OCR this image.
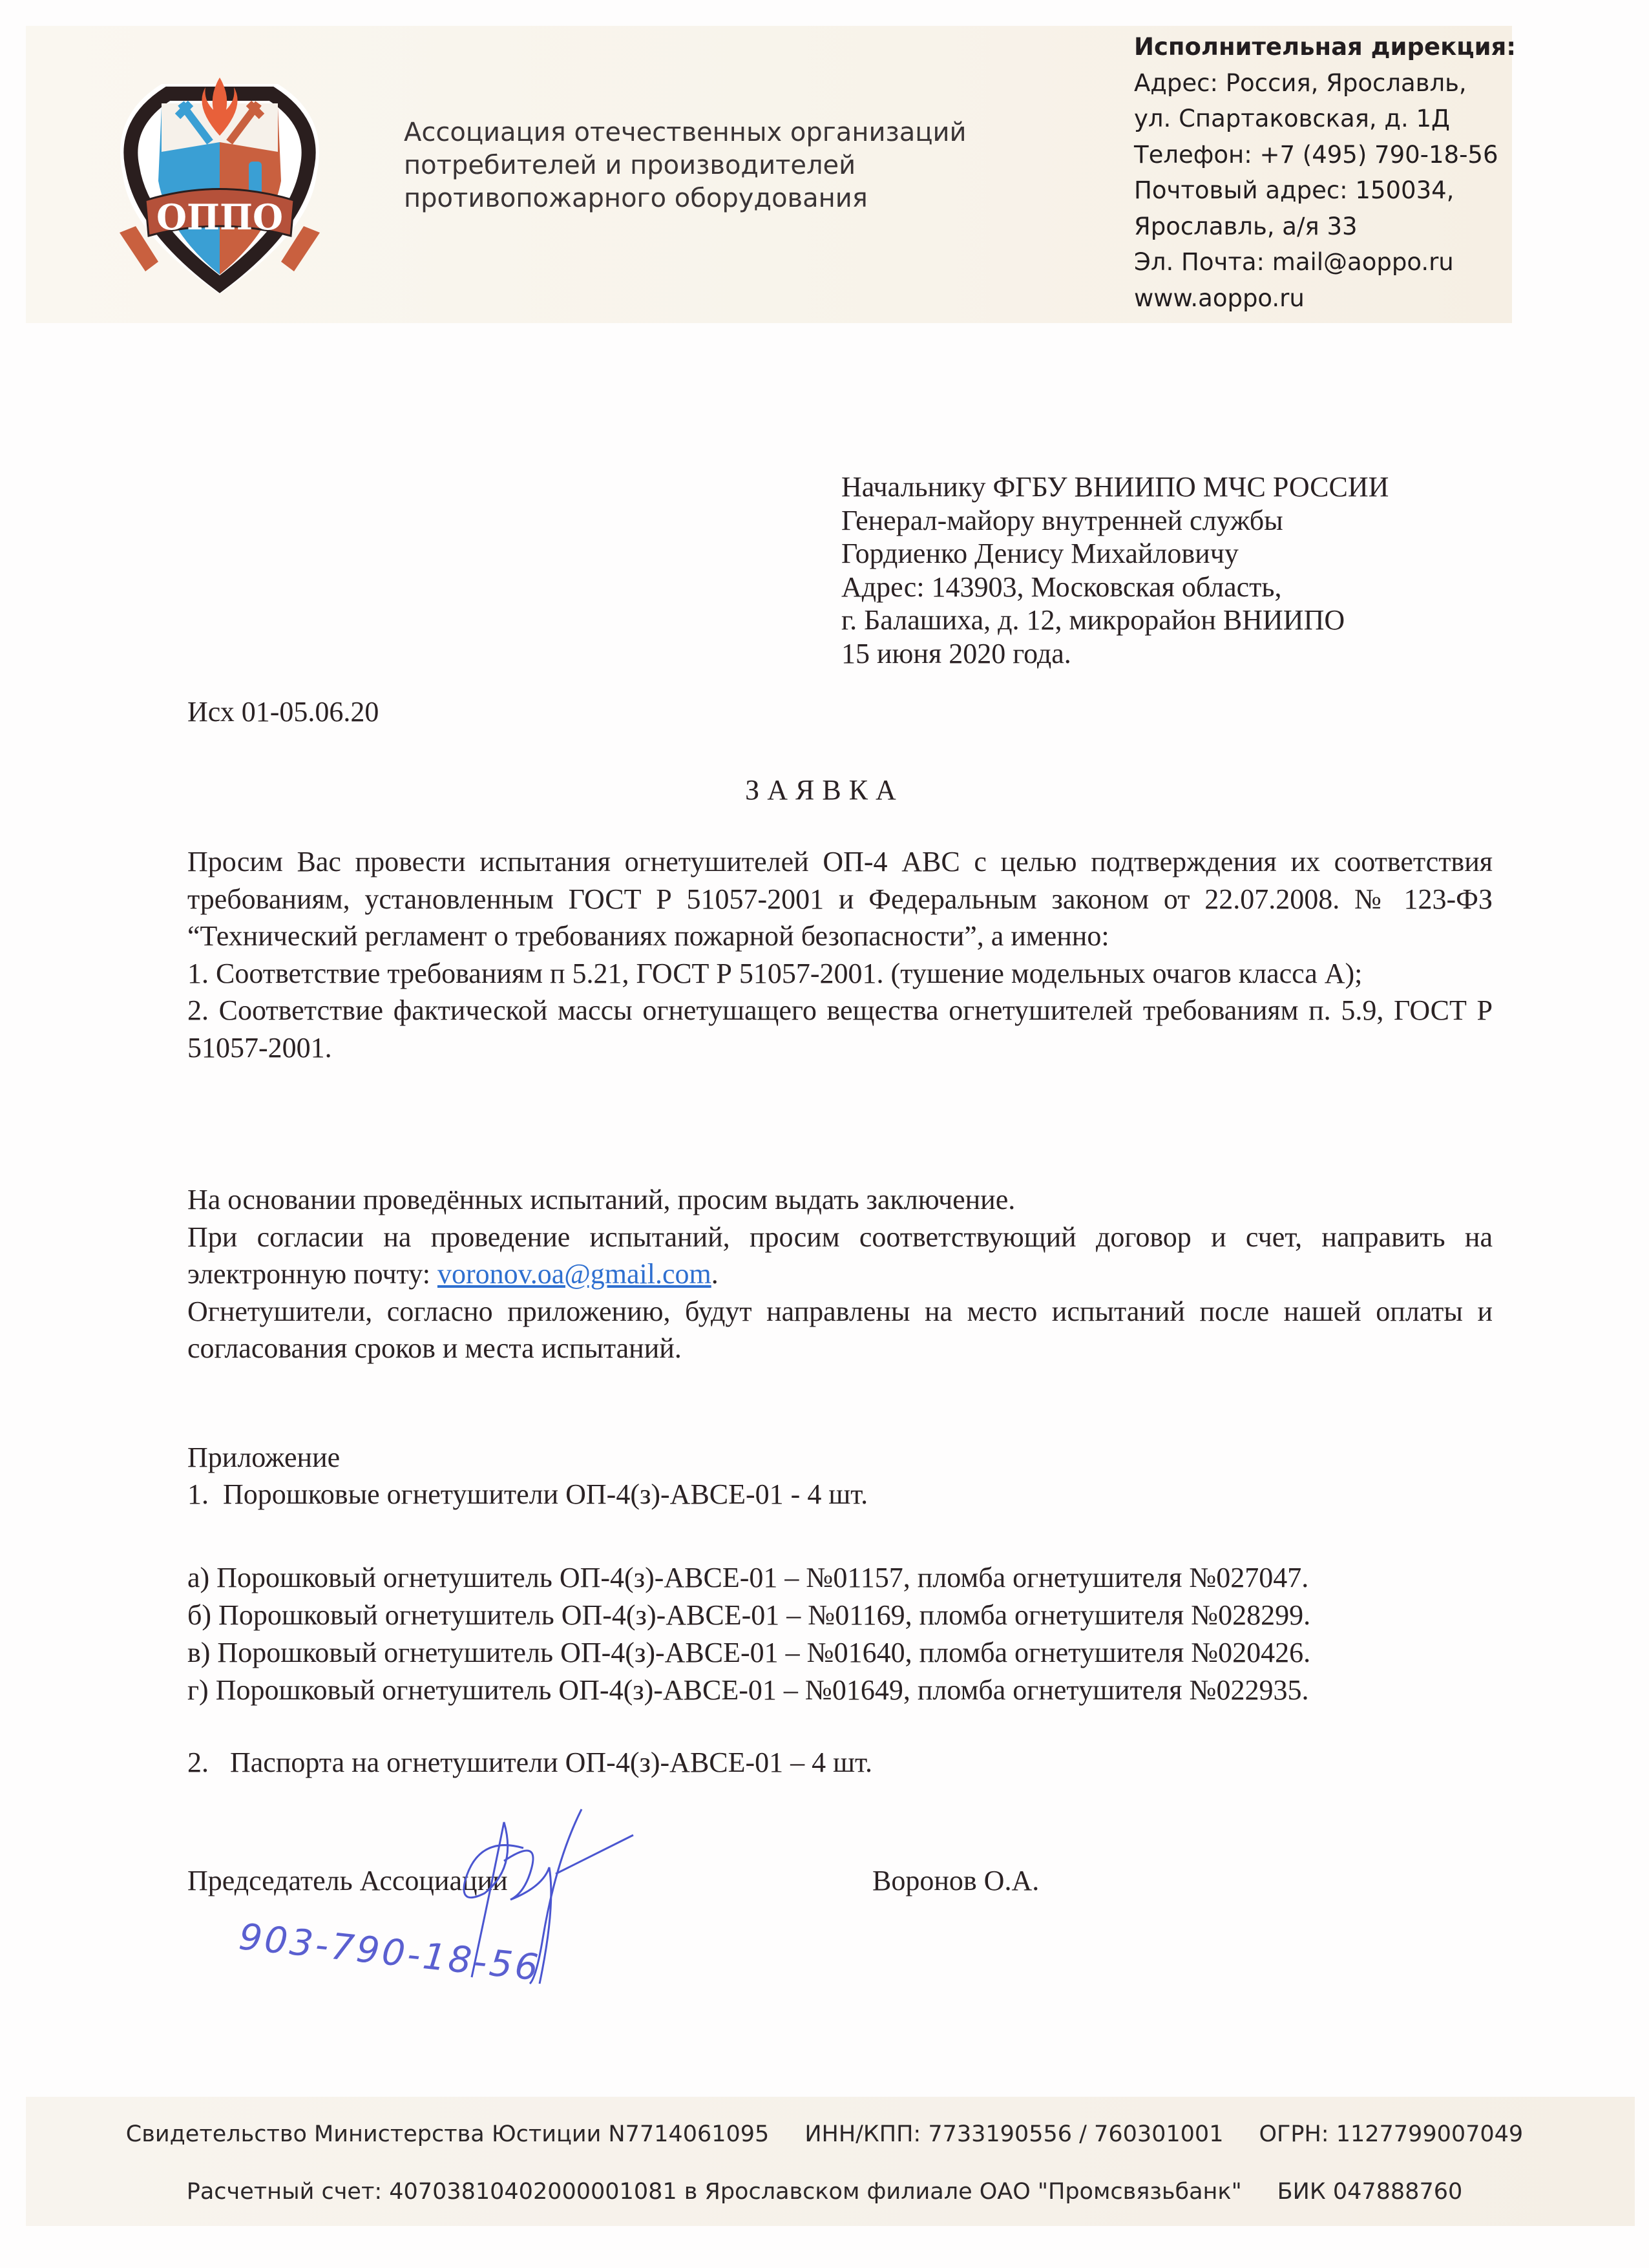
ОППО
Ассоциация отечественных организаций
потребителей и производителей
противопожарного оборудования
Исполнительная дирекция:
Адрес: Россия, Ярославль,
ул. Спартаковская, д. 1Д
Телефон: +7 (495) 790-18-56
Почтовый адрес: 150034,
Ярославль, а/я 33
Эл. Почта: mail@aoppo.ru
www.aoppo.ru
Начальнику ФГБУ ВНИИПО МЧС РОССИИ
Генерал-майору внутренней службы
Гордиенко Денису Михайловичу
Адрес: 143903, Московская область,
г. Балашиха, д. 12, микрорайон ВНИИПО
15 июня 2020 года.
Исх 01-05.06.20
ЗАЯВКА

Просим Вас провести испытания огнетушителей ОП-4 АВС с целью подтверждения их соответствия требованиям, установленным ГОСТ Р 51057-2001 и Федеральным законом от 22.07.2008. № 123-ФЗ “Технический регламент о требованиях пожарной безопасности”, а именно:

1. Соответствие требованиям п 5.21, ГОСТ Р 51057-2001. (тушение модельных очагов класса А);

2. Соответствие фактической массы огнетушащего вещества огнетушителей требованиям п. 5.9, ГОСТ Р 51057-2001.

На основании проведённых испытаний, просим выдать заключение.

При согласии на проведение испытаний, просим соответствующий договор и счет, направить на электронную почту: voronov.oa@gmail.com.

Огнетушители, согласно приложению, будут направлены на место испытаний после нашей оплаты и согласования сроков и места испытаний.

Приложение

1.  Порошковые огнетушители ОП-4(з)-АВСЕ-01 - 4 шт.

а) Порошковый огнетушитель ОП-4(з)-АВСЕ-01 – №01157, пломба огнетушителя №027047.

б) Порошковый огнетушитель ОП-4(з)-АВСЕ-01 – №01169, пломба огнетушителя №028299.

в) Порошковый огнетушитель ОП-4(з)-АВСЕ-01 – №01640, пломба огнетушителя №020426.

г) Порошковый огнетушитель ОП-4(з)-АВСЕ-01 – №01649, пломба огнетушителя №022935.

2.   Паспорта на огнетушители ОП-4(з)-АВСЕ-01 – 4 шт.
Председатель Ассоциации	Воронов О.А.
903-790-18-56
Свидетельство Министерства Юстиции N7714061095 ИНН/КПП: 7733190556 / 760301001 ОГРН: 1127799007049
Расчетный счет: 40703810402000001081 в Ярославском филиале ОАО "Промсвязьбанк" БИК 047888760
